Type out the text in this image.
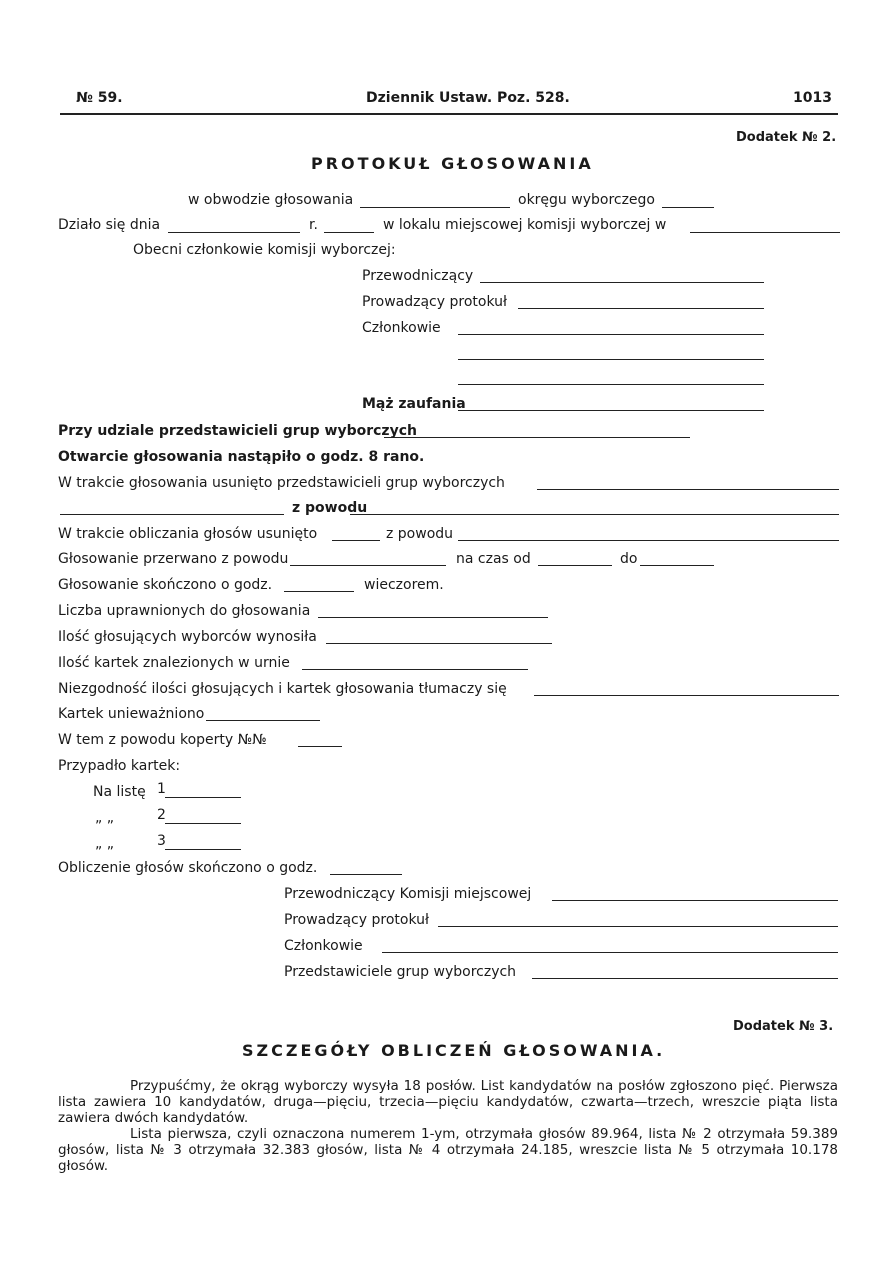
№ 59.	Dziennik Ustaw. Poz. 528.	1013
Dodatek № 2.
PROTOKUŁ GŁOSOWANIA
w obwodzie głosowania	okręgu wyborczego
Działo się dnia	r.	w lokalu miejscowej komisji wyborczej w
Obecni członkowie komisji wyborczej:
Przewodniczący
Prowadzący protokuł
Członkowie
Mąż zaufania
Przy udziale przedstawicieli grup wyborczych
Otwarcie głosowania nastąpiło o godz. 8 rano.
W trakcie głosowania usunięto przedstawicieli grup wyborczych
z powodu
W trakcie obliczania głosów usunięto	z powodu
Głosowanie przerwano z powodu	na czas od	do
Głosowanie skończono o godz.	wieczorem.
Liczba uprawnionych do głosowania
Ilość głosujących wyborców wynosiła
Ilość kartek znalezionych w urnie
Niezgodność ilości głosujących i kartek głosowania tłumaczy się
Kartek unieważniono
W tem z powodu koperty №№
Przypadło kartek:
Na listę 1
„ „	2
„ „	3
Obliczenie głosów skończono o godz.
Przewodniczący Komisji miejscowej
Prowadzący protokuł
Członkowie
Przedstawiciele grup wyborczych
Dodatek № 3.
SZCZEGÓŁY OBLICZEŃ GŁOSOWANIA.

Przypuśćmy, że okrąg wyborczy wysyła 18 posłów. List kandydatów na posłów zgłoszono pięć. Pierwsza lista zawiera 10 kandydatów, druga—pięciu, trzecia—pięciu kandydatów, czwarta—trzech, wreszcie piąta lista zawiera dwóch kandydatów.

Lista pierwsza, czyli oznaczona numerem 1-ym, otrzymała głosów 89.964, lista № 2 otrzymała 59.389 głosów, lista № 3 otrzymała 32.383 głosów, lista № 4 otrzymała 24.185, wreszcie lista № 5 otrzymała 10.178 głosów.
